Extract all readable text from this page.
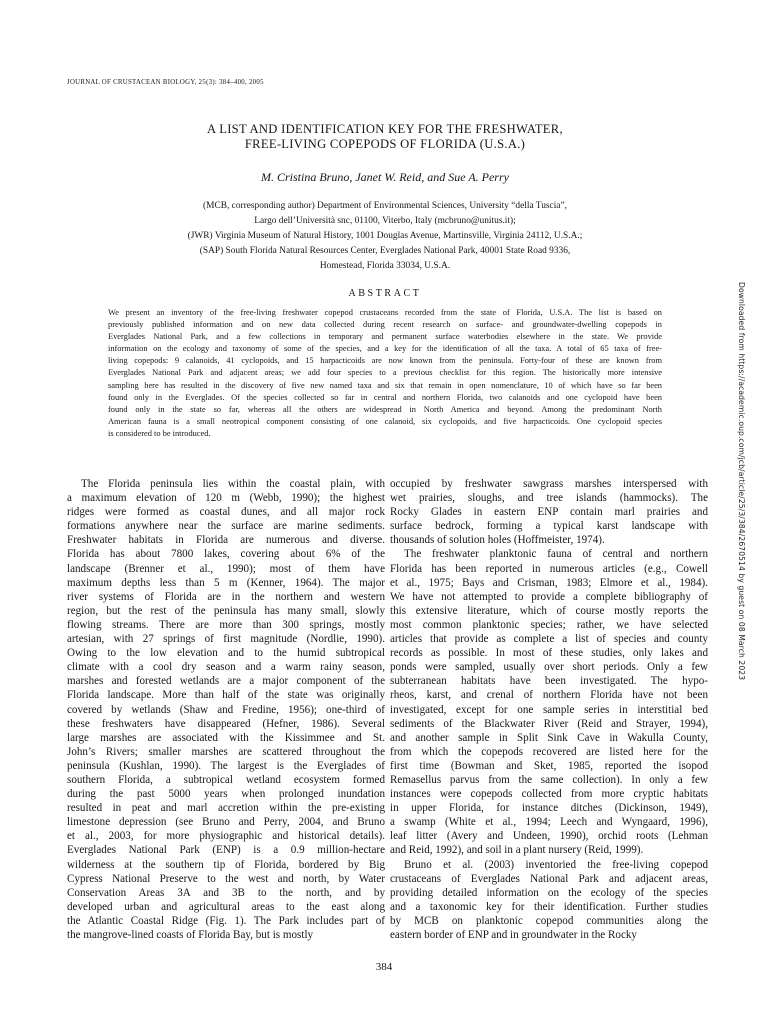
JOURNAL OF CRUSTACEAN BIOLOGY, 25(3): 384–400, 2005
A LIST AND IDENTIFICATION KEY FOR THE FRESHWATER,
FREE-LIVING COPEPODS OF FLORIDA (U.S.A.)
M. Cristina Bruno, Janet W. Reid, and Sue A. Perry
(MCB, corresponding author) Department of Environmental Sciences, University “della Tuscia”,
Largo dell’Università snc, 01100, Viterbo, Italy (mcbruno@unitus.it);
(JWR) Virginia Museum of Natural History, 1001 Douglas Avenue, Martinsville, Virginia 24112, U.S.A.;
(SAP) South Florida Natural Resources Center, Everglades National Park, 40001 State Road 9336,
Homestead, Florida 33034, U.S.A.
ABSTRACT
We present an inventory of the free-living freshwater copepod crustaceans recorded from the state of Florida, U.S.A. The list is based on
previously published information and on new data collected during recent research on surface- and groundwater-dwelling copepods in
Everglades National Park, and a few collections in temporary and permanent surface waterbodies elsewhere in the state. We provide
information on the ecology and taxonomy of some of the species, and a key for the identification of all the taxa. A total of 65 taxa of free-
living copepods: 9 calanoids, 41 cyclopoids, and 15 harpacticoids are now known from the peninsula. Forty-four of these are known from
Everglades National Park and adjacent areas; we add four species to a previous checklist for this region. The historically more intensive
sampling here has resulted in the discovery of five new named taxa and six that remain in open nomenclature, 10 of which have so far been
found only in the Everglades. Of the species collected so far in central and northern Florida, two calanoids and one cyclopoid have been
found only in the state so far, whereas all the others are widespread in North America and beyond. Among the predominant North
American fauna is a small neotropical component consisting of one calanoid, six cyclopoids, and five harpacticoids. One cyclopoid species
is considered to be introduced.
The Florida peninsula lies within the coastal plain, with
a maximum elevation of 120 m (Webb, 1990); the highest
ridges were formed as coastal dunes, and all major rock
formations anywhere near the surface are marine sediments.
Freshwater habitats in Florida are numerous and diverse.
Florida has about 7800 lakes, covering about 6% of the
landscape (Brenner et al., 1990); most of them have
maximum depths less than 5 m (Kenner, 1964). The major
river systems of Florida are in the northern and western
region, but the rest of the peninsula has many small, slowly
flowing streams. There are more than 300 springs, mostly
artesian, with 27 springs of first magnitude (Nordlie, 1990).
Owing to the low elevation and to the humid subtropical
climate with a cool dry season and a warm rainy season,
marshes and forested wetlands are a major component of the
Florida landscape. More than half of the state was originally
covered by wetlands (Shaw and Fredine, 1956); one-third of
these freshwaters have disappeared (Hefner, 1986). Several
large marshes are associated with the Kissimmee and St.
John’s Rivers; smaller marshes are scattered throughout the
peninsula (Kushlan, 1990). The largest is the Everglades of
southern Florida, a subtropical wetland ecosystem formed
during the past 5000 years when prolonged inundation
resulted in peat and marl accretion within the pre-existing
limestone depression (see Bruno and Perry, 2004, and Bruno
et al., 2003, for more physiographic and historical details).
Everglades National Park (ENP) is a 0.9 million-hectare
wilderness at the southern tip of Florida, bordered by Big
Cypress National Preserve to the west and north, by Water
Conservation Areas 3A and 3B to the north, and by
developed urban and agricultural areas to the east along
the Atlantic Coastal Ridge (Fig. 1). The Park includes part of
the mangrove-lined coasts of Florida Bay, but is mostly
occupied by freshwater sawgrass marshes interspersed with
wet prairies, sloughs, and tree islands (hammocks). The
Rocky Glades in eastern ENP contain marl prairies and
surface bedrock, forming a typical karst landscape with
thousands of solution holes (Hoffmeister, 1974).
The freshwater planktonic fauna of central and northern
Florida has been reported in numerous articles (e.g., Cowell
et al., 1975; Bays and Crisman, 1983; Elmore et al., 1984).
We have not attempted to provide a complete bibliography of
this extensive literature, which of course mostly reports the
most common planktonic species; rather, we have selected
articles that provide as complete a list of species and county
records as possible. In most of these studies, only lakes and
ponds were sampled, usually over short periods. Only a few
subterranean habitats have been investigated. The hypo-
rheos, karst, and crenal of northern Florida have not been
investigated, except for one sample series in interstitial bed
sediments of the Blackwater River (Reid and Strayer, 1994),
and another sample in Split Sink Cave in Wakulla County,
from which the copepods recovered are listed here for the
first time (Bowman and Sket, 1985, reported the isopod
Remasellus parvus from the same collection). In only a few
instances were copepods collected from more cryptic habitats
in upper Florida, for instance ditches (Dickinson, 1949),
a swamp (White et al., 1994; Leech and Wyngaard, 1996),
leaf litter (Avery and Undeen, 1990), orchid roots (Lehman
and Reid, 1992), and soil in a plant nursery (Reid, 1999).
Bruno et al. (2003) inventoried the free-living copepod
crustaceans of Everglades National Park and adjacent areas,
providing detailed information on the ecology of the species
and a taxonomic key for their identification. Further studies
by MCB on planktonic copepod communities along the
eastern border of ENP and in groundwater in the Rocky
384
Downloaded from https://academic.oup.com/jcb/article/25/3/384/2670514 by guest on 08 March 2023
